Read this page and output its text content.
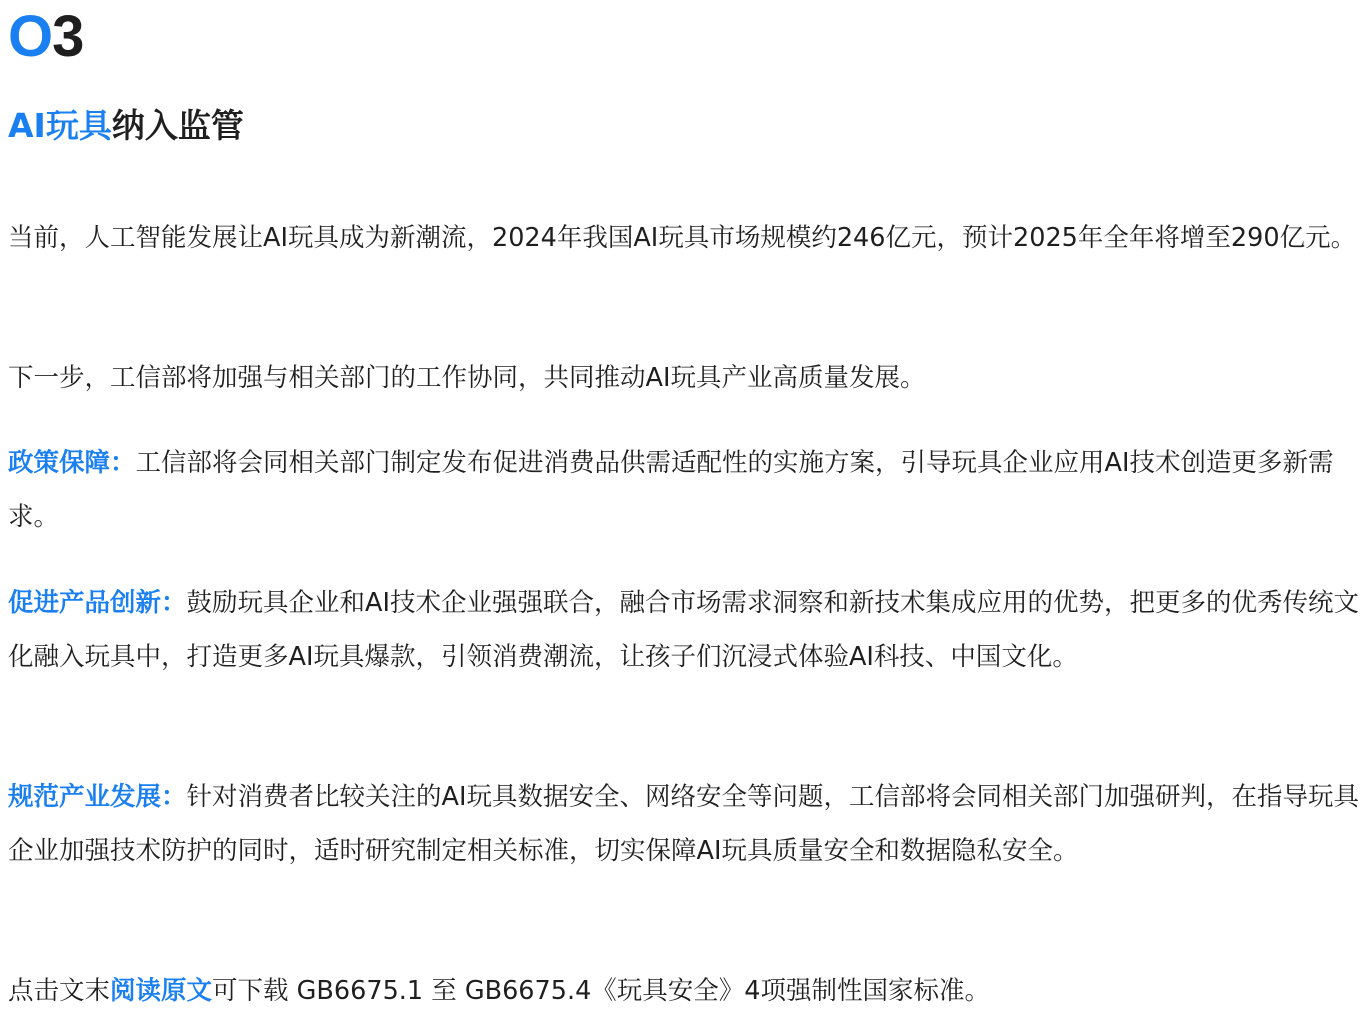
O3
AI玩具纳入监管

当前，人工智能发展让AI玩具成为新潮流，2024年我国AI玩具市场规模约246亿元，预计2025年全年将增至290亿元。

下一步，工信部将加强与相关部门的工作协同，共同推动AI玩具产业高质量发展。

政策保障：工信部将会同相关部门制定发布促进消费品供需适配性的实施方案，引导玩具企业应用AI技术创造更多新需求。

促进产品创新：鼓励玩具企业和AI技术企业强强联合，融合市场需求洞察和新技术集成应用的优势，把更多的优秀传统文化融入玩具中，打造更多AI玩具爆款，引领消费潮流，让孩子们沉浸式体验AI科技、中国文化。

规范产业发展：针对消费者比较关注的AI玩具数据安全、网络安全等问题，工信部将会同相关部门加强研判，在指导玩具企业加强技术防护的同时，适时研究制定相关标准，切实保障AI玩具质量安全和数据隐私安全。

点击文末阅读原文可下载 GB6675.1 至 GB6675.4《玩具安全》4项强制性国家标准。
